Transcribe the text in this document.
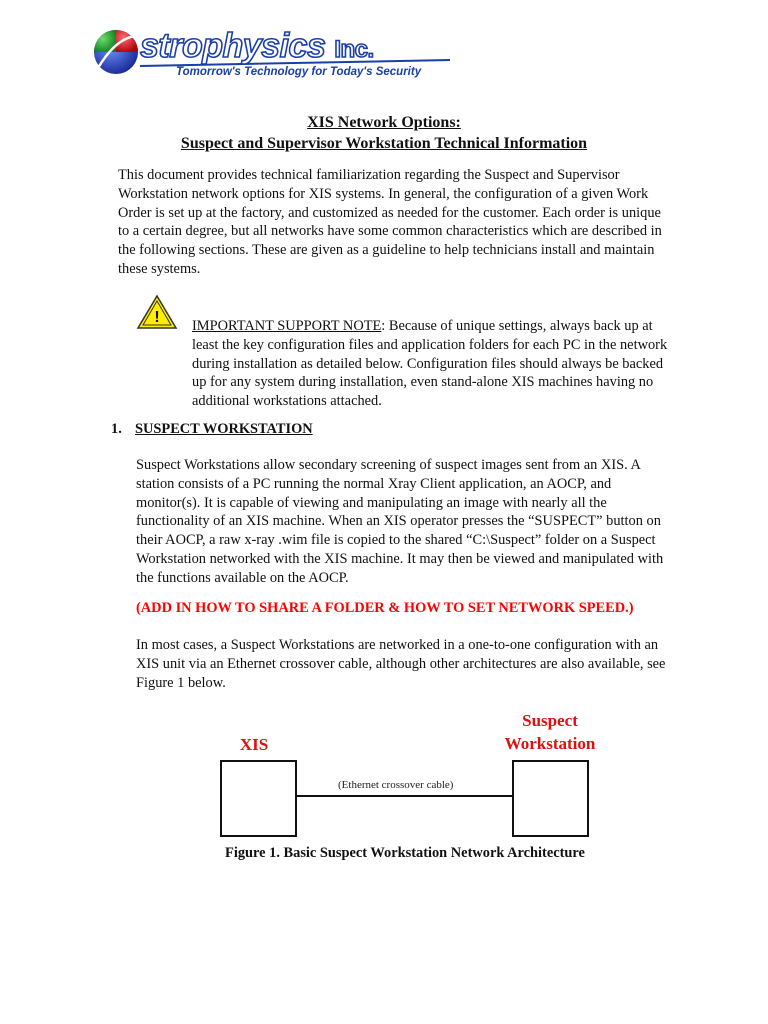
strophysics Inc.
Tomorrow's Technology for Today's Security
XIS Network Options:
Suspect and Supervisor Workstation Technical Information

This document provides technical familiarization regarding the Suspect and Supervisor Workstation network options for XIS systems. In general, the configuration of a given Work Order is set up at the factory, and customized as needed for the customer. Each order is unique to a certain degree, but all networks have some common characteristics which are described in the following sections. These are given as a guideline to help technicians install and maintain these systems.

! IMPORTANT SUPPORT NOTE: Because of unique settings, always back up at least the key configuration files and application folders for each PC in the network during installation as detailed below. Configuration files should always be backed up for any system during installation, even stand-alone XIS machines having no additional workstations attached.

1. SUSPECT WORKSTATION

Suspect Workstations allow secondary screening of suspect images sent from an XIS. A station consists of a PC running the normal Xray Client application, an AOCP, and monitor(s). It is capable of viewing and manipulating an image with nearly all the functionality of an XIS machine. When an XIS operator presses the “SUSPECT” button on their AOCP, a raw x-ray .wim file is copied to the shared “C:\Suspect” folder on a Suspect Workstation networked with the XIS machine. It may then be viewed and manipulated with the functions available on the AOCP.

(ADD IN HOW TO SHARE A FOLDER & HOW TO SET NETWORK SPEED.)

In most cases, a Suspect Workstations are networked in a one-to-one configuration with an XIS unit via an Ethernet crossover cable, although other architectures are also available, see Figure 1 below.

XIS
Suspect
Workstation
(Ethernet crossover cable)
Figure 1. Basic Suspect Workstation Network Architecture
